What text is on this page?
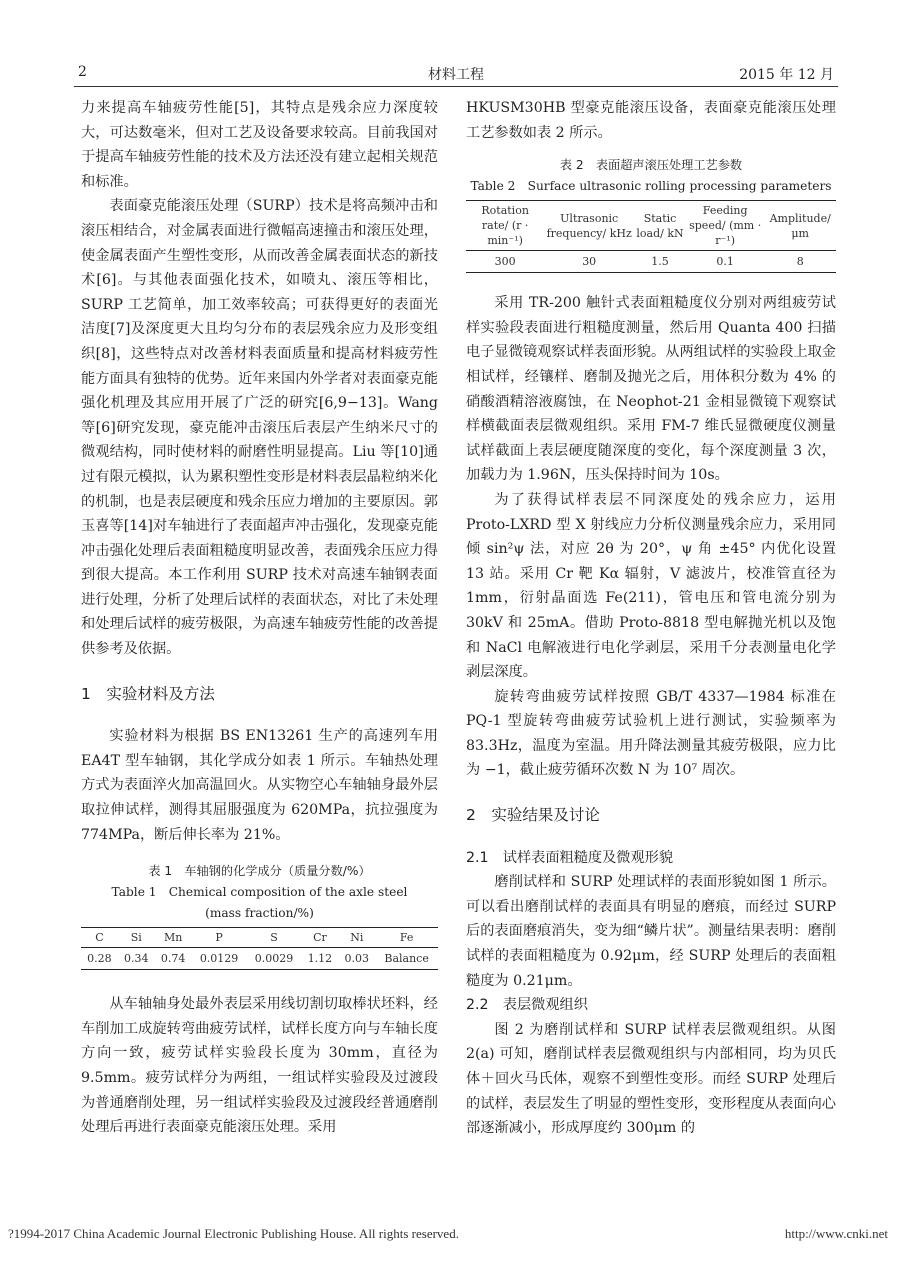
2	材料工程	2015 年 12 月

力来提高车轴疲劳性能[5]，其特点是残余应力深度较大，可达数毫米，但对工艺及设备要求较高。目前我国对于提高车轴疲劳性能的技术及方法还没有建立起相关规范和标准。

表面豪克能滚压处理（SURP）技术是将高频冲击和滚压相结合，对金属表面进行微幅高速撞击和滚压处理，使金属表面产生塑性变形，从而改善金属表面状态的新技术[6]。与其他表面强化技术，如喷丸、滚压等相比，SURP 工艺简单，加工效率较高；可获得更好的表面光洁度[7]及深度更大且均匀分布的表层残余应力及形变组织[8]，这些特点对改善材料表面质量和提高材料疲劳性能方面具有独特的优势。近年来国内外学者对表面豪克能强化机理及其应用开展了广泛的研究[6,9−13]。Wang 等[6]研究发现，豪克能冲击滚压后表层产生纳米尺寸的微观结构，同时使材料的耐磨性明显提高。Liu 等[10]通过有限元模拟，认为累积塑性变形是材料表层晶粒纳米化的机制，也是表层硬度和残余压应力增加的主要原因。郭玉喜等[14]对车轴进行了表面超声冲击强化，发现豪克能冲击强化处理后表面粗糙度明显改善，表面残余压应力得到很大提高。本工作利用 SURP 技术对高速车轴钢表面进行处理，分析了处理后试样的表面状态，对比了未处理和处理后试样的疲劳极限，为高速车轴疲劳性能的改善提供参考及依据。

1　实验材料及方法

实验材料为根据 BS EN13261 生产的高速列车用 EA4T 型车轴钢，其化学成分如表 1 所示。车轴热处理方式为表面淬火加高温回火。从实物空心车轴轴身最外层取拉伸试样，测得其屈服强度为 620MPa，抗拉强度为 774MPa，断后伸长率为 21%。

表 1　车轴钢的化学成分（质量分数/%）
Table 1　Chemical composition of the axle steel
(mass fraction/%)
C	Si	Mn	P	S	Cr	Ni	Fe
0.28	0.34	0.74	0.0129	0.0029	1.12	0.03	Balance

从车轴轴身处最外表层采用线切割切取棒状坯料，经车削加工成旋转弯曲疲劳试样，试样长度方向与车轴长度方向一致，疲劳试样实验段长度为 30mm，直径为 9.5mm。疲劳试样分为两组，一组试样实验段及过渡段为普通磨削处理，另一组试样实验段及过渡段经普通磨削处理后再进行表面豪克能滚压处理。采用

HKUSM30HB 型豪克能滚压设备，表面豪克能滚压处理工艺参数如表 2 所示。

表 2　表面超声滚压处理工艺参数
Table 2　Surface ultrasonic rolling processing parameters
Rotation rate/ (r · min⁻¹)	Ultrasonic frequency/ kHz	Static load/ kN	Feeding speed/ (mm · r⁻¹)	Amplitude/ μm
300	30	1.5	0.1	8

采用 TR-200 触针式表面粗糙度仪分别对两组疲劳试样实验段表面进行粗糙度测量，然后用 Quanta 400 扫描电子显微镜观察试样表面形貌。从两组试样的实验段上取金相试样，经镶样、磨制及抛光之后，用体积分数为 4% 的硝酸酒精溶液腐蚀，在 Neophot-21 金相显微镜下观察试样横截面表层微观组织。采用 FM-7 维氏显微硬度仪测量试样截面上表层硬度随深度的变化，每个深度测量 3 次，加载力为 1.96N，压头保持时间为 10s。

为了获得试样表层不同深度处的残余应力，运用 Proto-LXRD 型 X 射线应力分析仪测量残余应力，采用同倾 sin²ψ 法，对应 2θ 为 20°，ψ 角 ±45° 内优化设置 13 站。采用 Cr 靶 Kα 辐射，V 滤波片，校准管直径为 1mm，衍射晶面选 Fe(211)，管电压和管电流分别为 30kV 和 25mA。借助 Proto-8818 型电解抛光机以及饱和 NaCl 电解液进行电化学剥层，采用千分表测量电化学剥层深度。

旋转弯曲疲劳试样按照 GB/T 4337—1984 标准在 PQ-1 型旋转弯曲疲劳试验机上进行测试，实验频率为 83.3Hz，温度为室温。用升降法测量其疲劳极限，应力比为 −1，截止疲劳循环次数 N 为 10⁷ 周次。

2　实验结果及讨论
2.1　试样表面粗糙度及微观形貌

磨削试样和 SURP 处理试样的表面形貌如图 1 所示。可以看出磨削试样的表面具有明显的磨痕，而经过 SURP 后的表面磨痕消失，变为细“鳞片状”。测量结果表明：磨削试样的表面粗糙度为 0.92μm，经 SURP 处理后的表面粗糙度为 0.21μm。

2.2　表层微观组织

图 2 为磨削试样和 SURP 试样表层微观组织。从图 2(a) 可知，磨削试样表层微观组织与内部相同，均为贝氏体＋回火马氏体，观察不到塑性变形。而经 SURP 处理后的试样，表层发生了明显的塑性变形，变形程度从表面向心部逐渐减小，形成厚度约 300μm 的

?1994-2017 China Academic Journal Electronic Publishing House. All rights reserved.	http://www.cnki.net
